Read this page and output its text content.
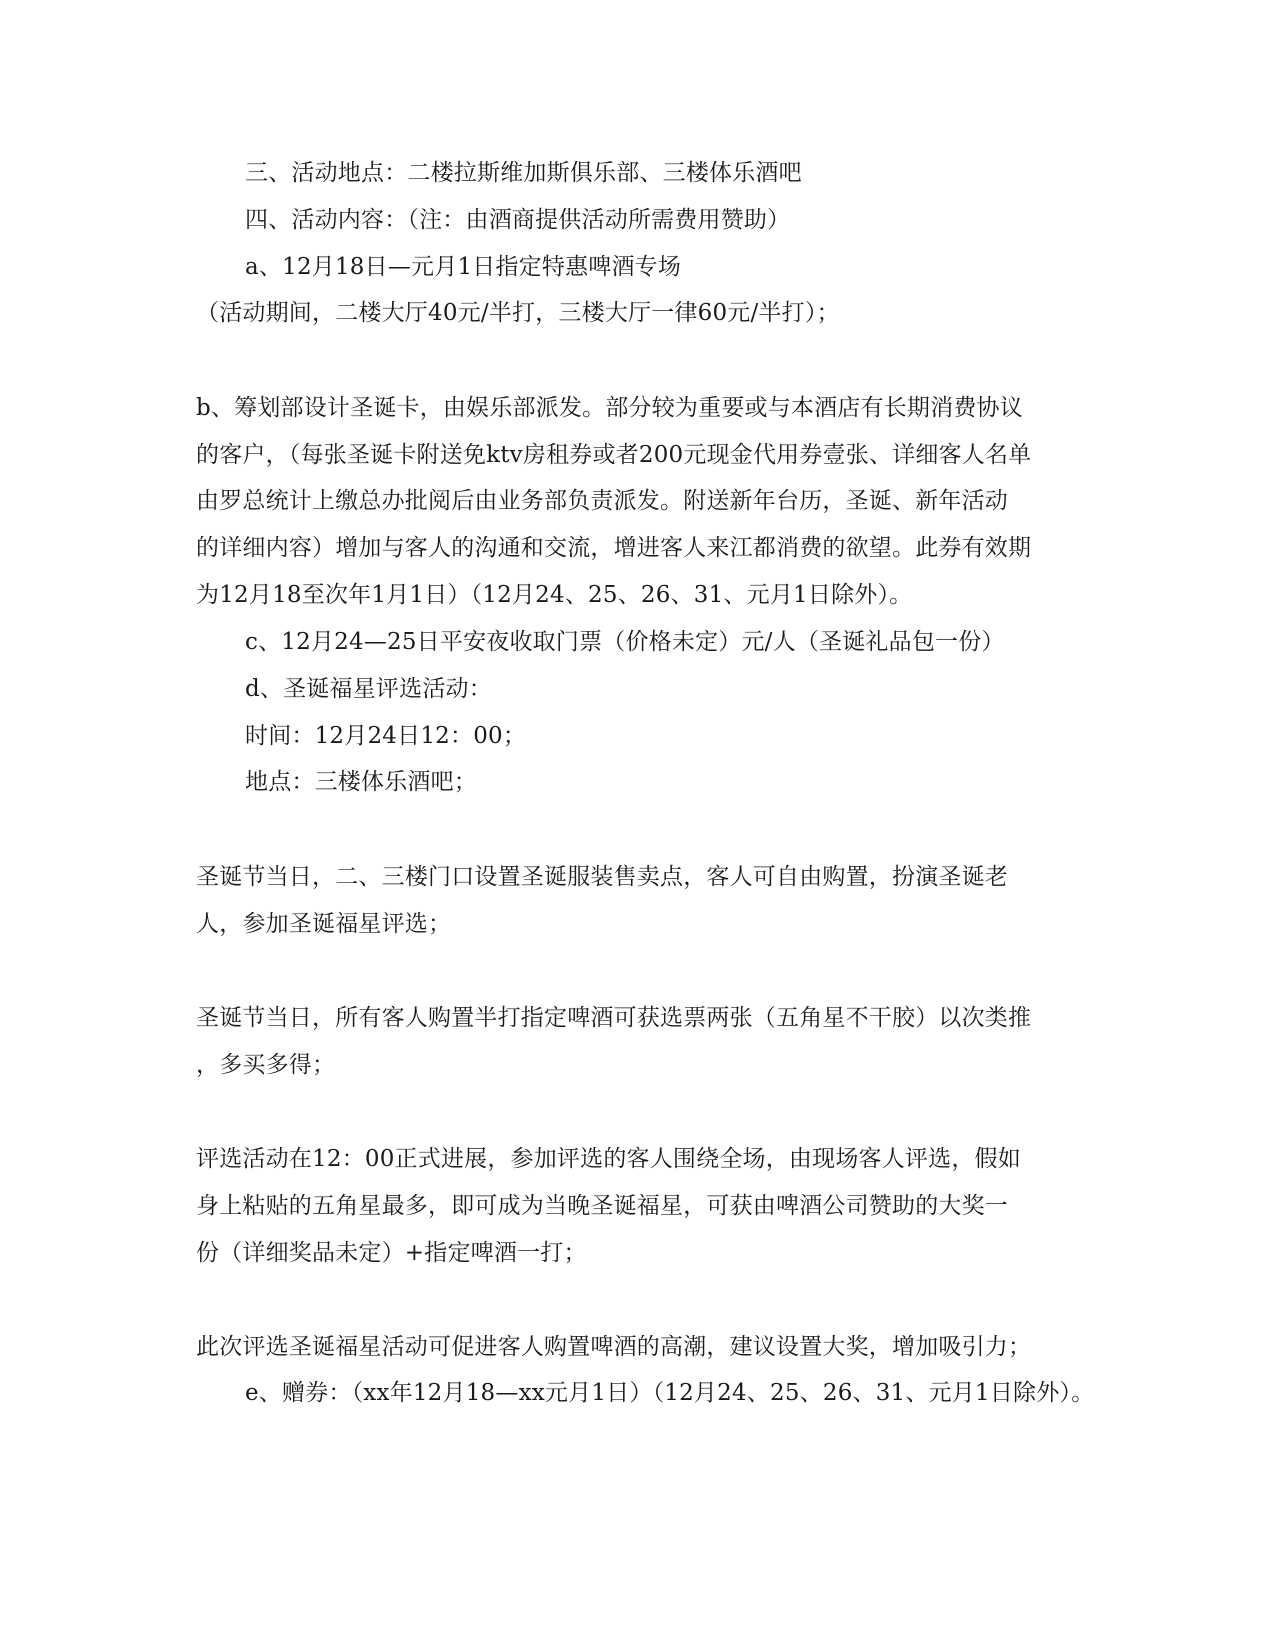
三、活动地点：二楼拉斯维加斯俱乐部、三楼体乐酒吧

四、活动内容：（注：由酒商提供活动所需费用赞助）

a、12月18日—元月1日指定特惠啤酒专场

（活动期间，二楼大厅40元/半打，三楼大厅一律60元/半打）；

b、筹划部设计圣诞卡，由娱乐部派发。部分较为重要或与本酒店有长期消费协议

的客户，（每张圣诞卡附送免ktv房租券或者200元现金代用券壹张、详细客人名单

由罗总统计上缴总办批阅后由业务部负责派发。附送新年台历，圣诞、新年活动

的详细内容）增加与客人的沟通和交流，增进客人来江都消费的欲望。此券有效期

为12月18至次年1月1日）（12月24、25、26、31、元月1日除外）。

c、12月24—25日平安夜收取门票（价格未定）元/人（圣诞礼品包一份）

d、圣诞福星评选活动：

时间：12月24日12：00；

地点：三楼体乐酒吧；

圣诞节当日，二、三楼门口设置圣诞服装售卖点，客人可自由购置，扮演圣诞老

人，参加圣诞福星评选；

圣诞节当日，所有客人购置半打指定啤酒可获选票两张（五角星不干胶）以次类推

，多买多得；

评选活动在12：00正式进展，参加评选的客人围绕全场，由现场客人评选，假如

身上粘贴的五角星最多，即可成为当晚圣诞福星，可获由啤酒公司赞助的大奖一

份（详细奖品未定）+指定啤酒一打；

此次评选圣诞福星活动可促进客人购置啤酒的高潮，建议设置大奖，增加吸引力；

e、赠券：（xx年12月18—xx元月1日）（12月24、25、26、31、元月1日除外）。
